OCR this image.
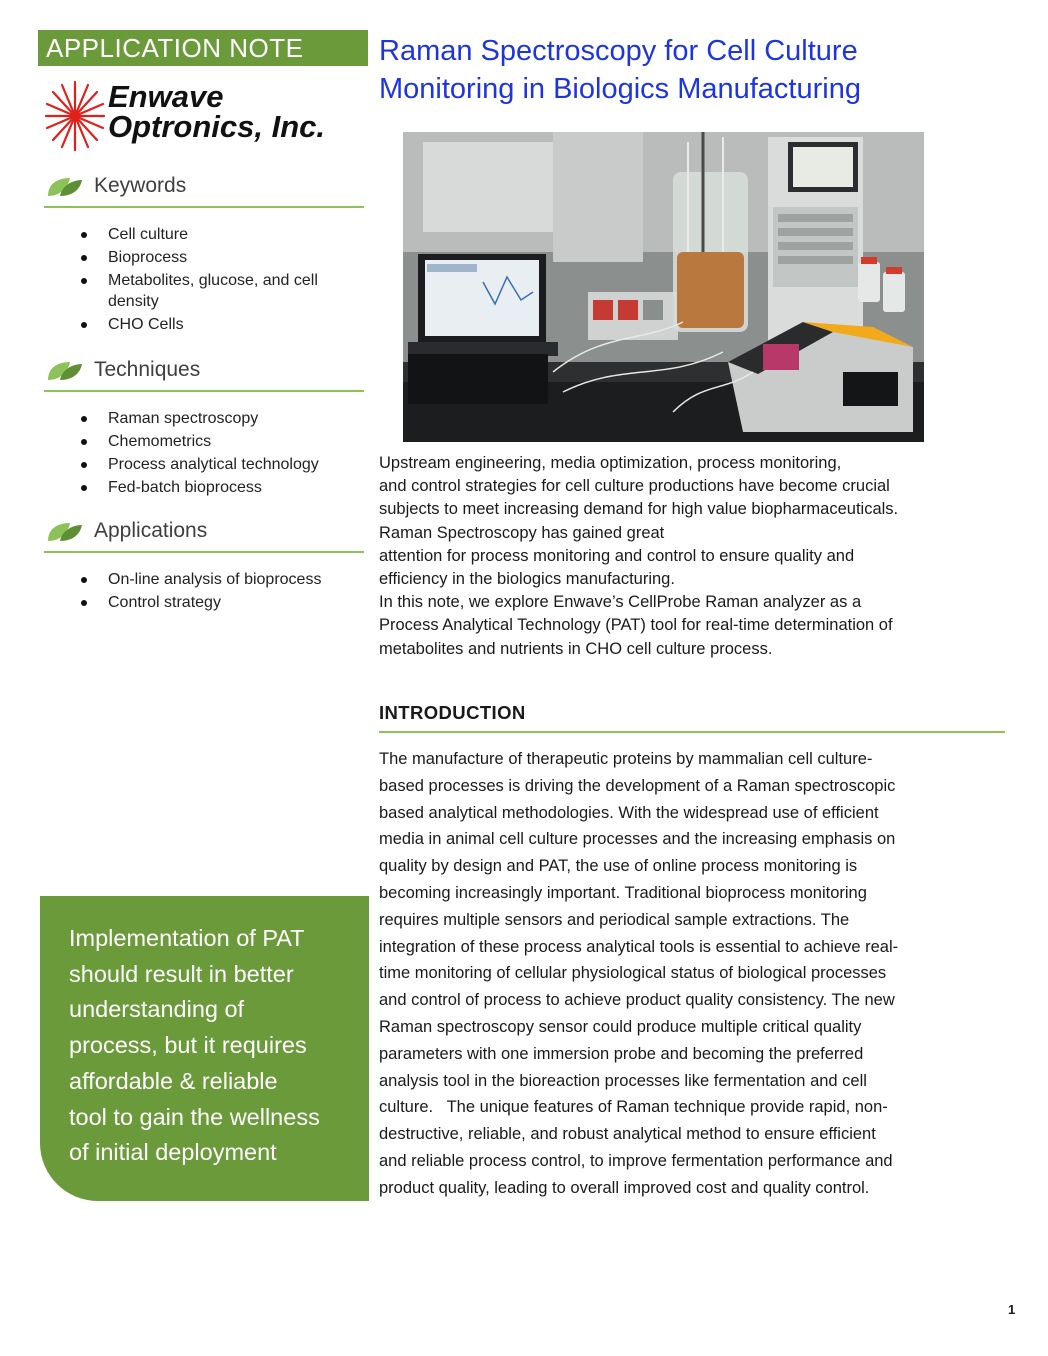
APPLICATION NOTE
Enwave
Optronics, Inc.
Raman Spectroscopy for Cell Culture
Monitoring in Biologics Manufacturing
Keywords
Cell culture
Bioprocess
Metabolites, glucose, and cell density
CHO Cells
Techniques
Raman spectroscopy
Chemometrics
Process analytical technology
Fed-batch bioprocess
Applications
On-line analysis of bioprocess
Control strategy
Upstream engineering, media optimization, process monitoring,
and control strategies for cell culture productions have become crucial
subjects to meet increasing demand for high value biopharmaceuticals.
Raman Spectroscopy has gained great
attention for process monitoring and control to ensure quality and
efficiency in the biologics manufacturing.
In this note, we explore Enwave’s CellProbe Raman analyzer as a
Process Analytical Technology (PAT) tool for real-time determination of
metabolites and nutrients in CHO cell culture process.
INTRODUCTION
The manufacture of therapeutic proteins by mammalian cell culture-
based processes is driving the development of a Raman spectroscopic
based analytical methodologies. With the widespread use of efficient
media in animal cell culture processes and the increasing emphasis on
quality by design and PAT, the use of online process monitoring is
becoming increasingly important. Traditional bioprocess monitoring
requires multiple sensors and periodical sample extractions. The
integration of these process analytical tools is essential to achieve real-
time monitoring of cellular physiological status of biological processes
and control of process to achieve product quality consistency. The new
Raman spectroscopy sensor could produce multiple critical quality
parameters with one immersion probe and becoming the preferred
analysis tool in the bioreaction processes like fermentation and cell
culture.   The unique features of Raman technique provide rapid, non-
destructive, reliable, and robust analytical method to ensure efficient
and reliable process control, to improve fermentation performance and
product quality, leading to overall improved cost and quality control.
Implementation of PAT
should result in better
understanding of
process, but it requires
affordable & reliable
tool to gain the wellness
of initial deployment
1
